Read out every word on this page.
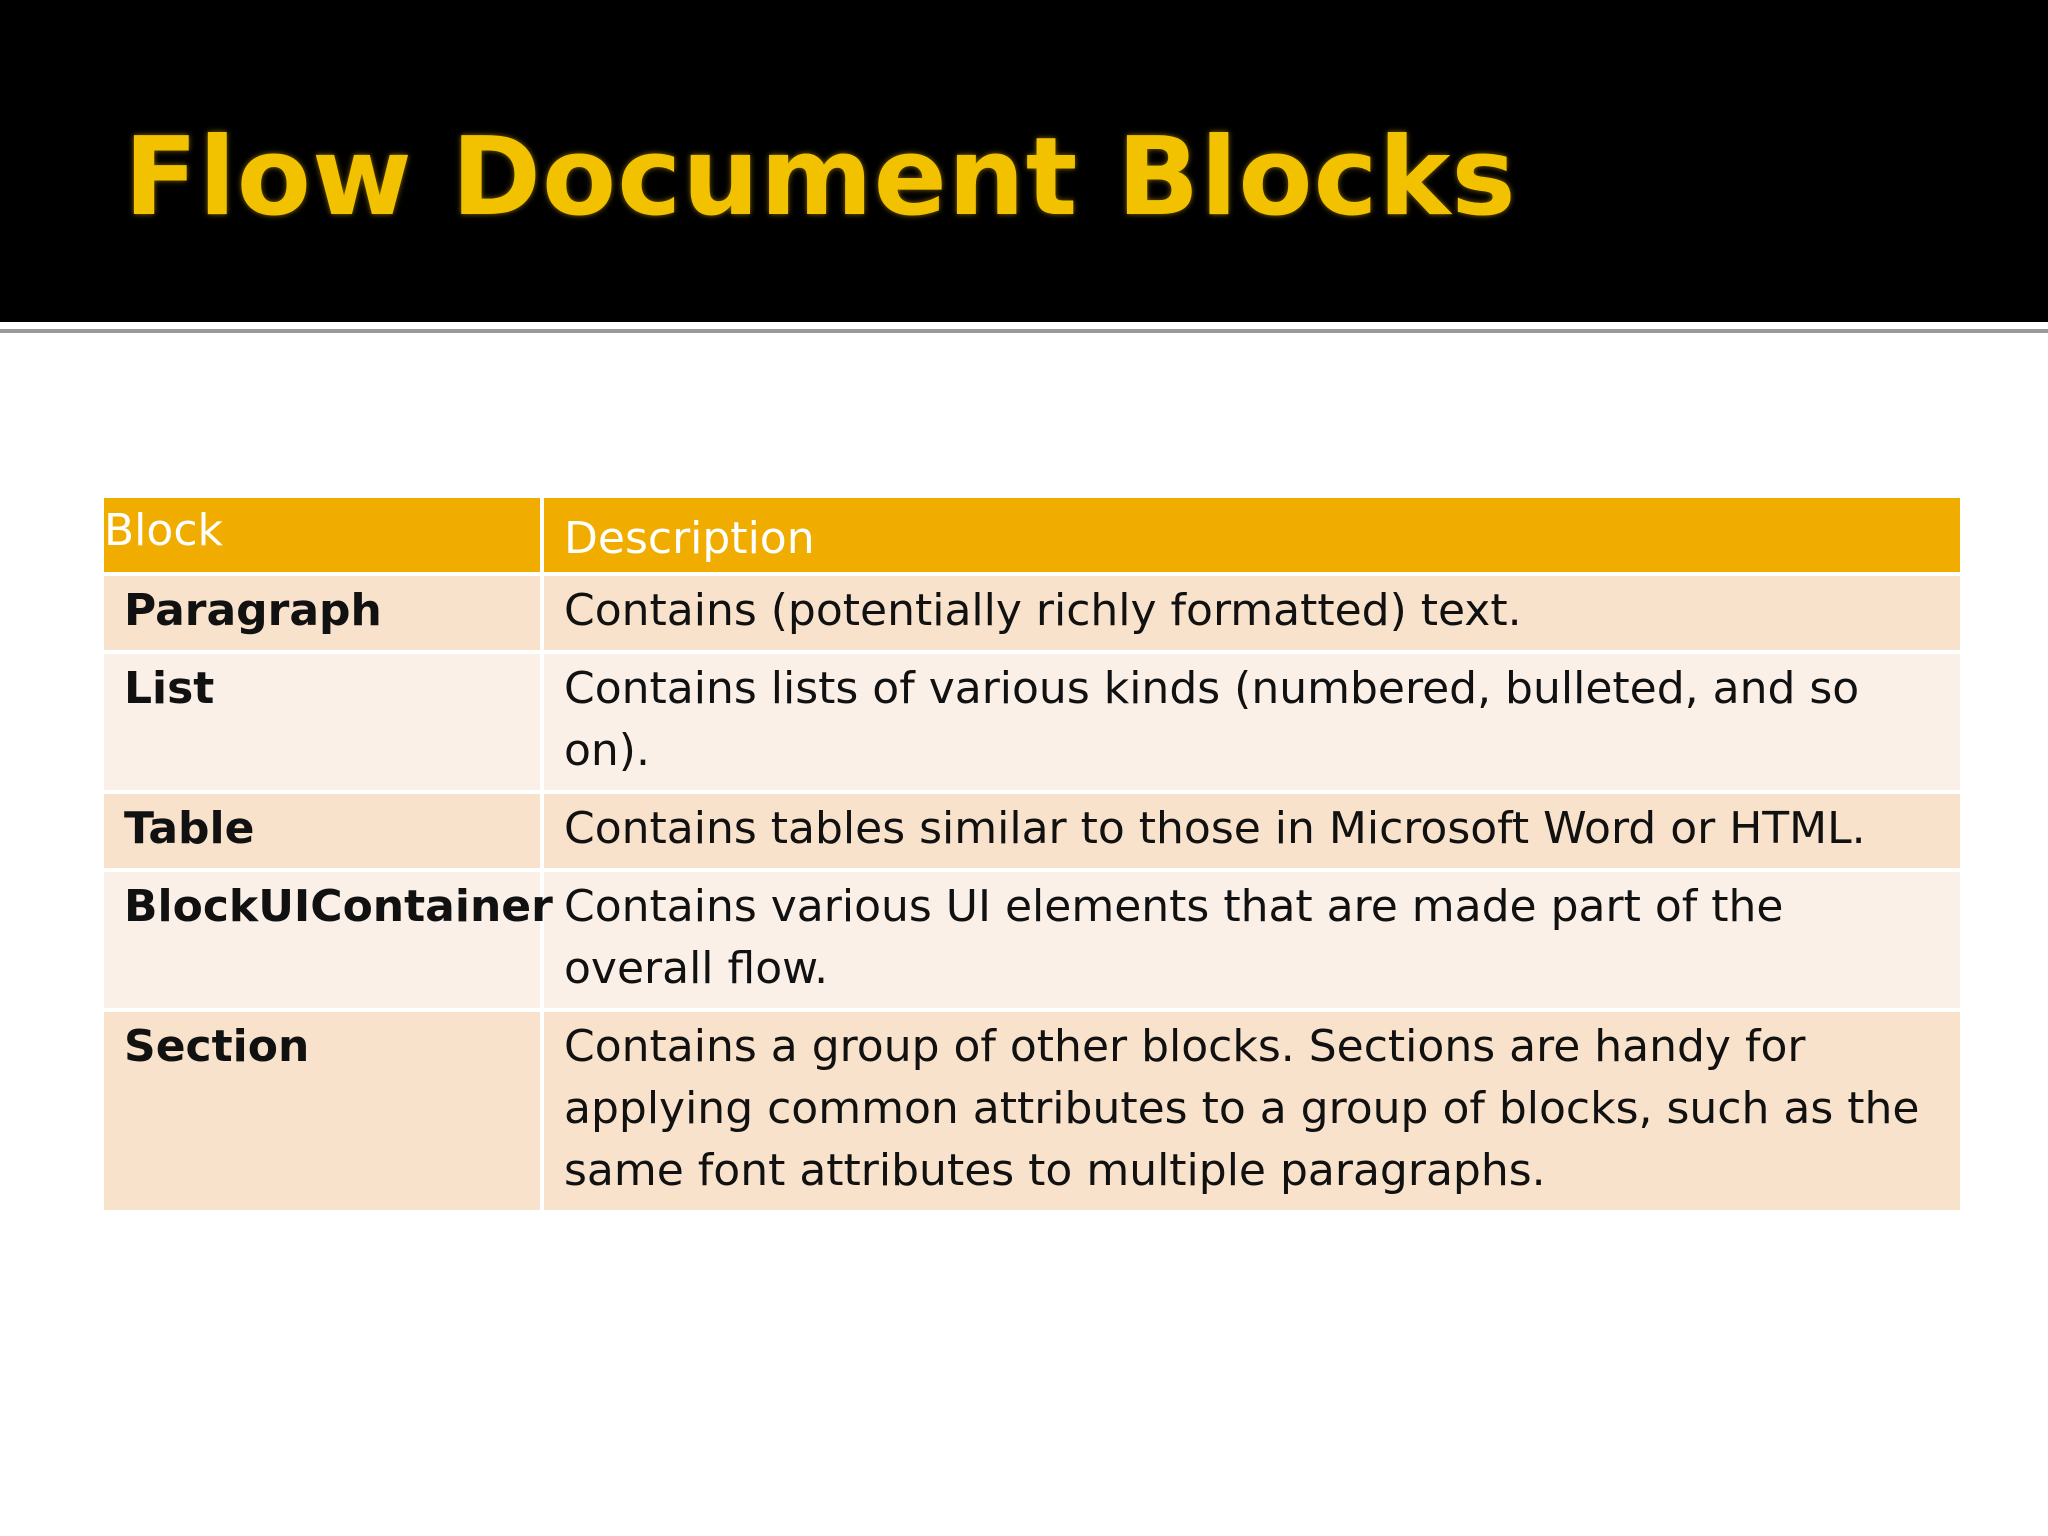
Flow Document Blocks
Block	Description
Paragraph	Contains (potentially richly formatted) text.
List	Contains lists of various kinds (numbered, bulleted, and so on).
Table	Contains tables similar to those in Microsoft Word or HTML.
BlockUIContainer	Contains various UI elements that are made part of the overall flow.
Section	Contains a group of other blocks. Sections are handy for applying common attributes to a group of blocks, such as the same font attributes to multiple paragraphs.
